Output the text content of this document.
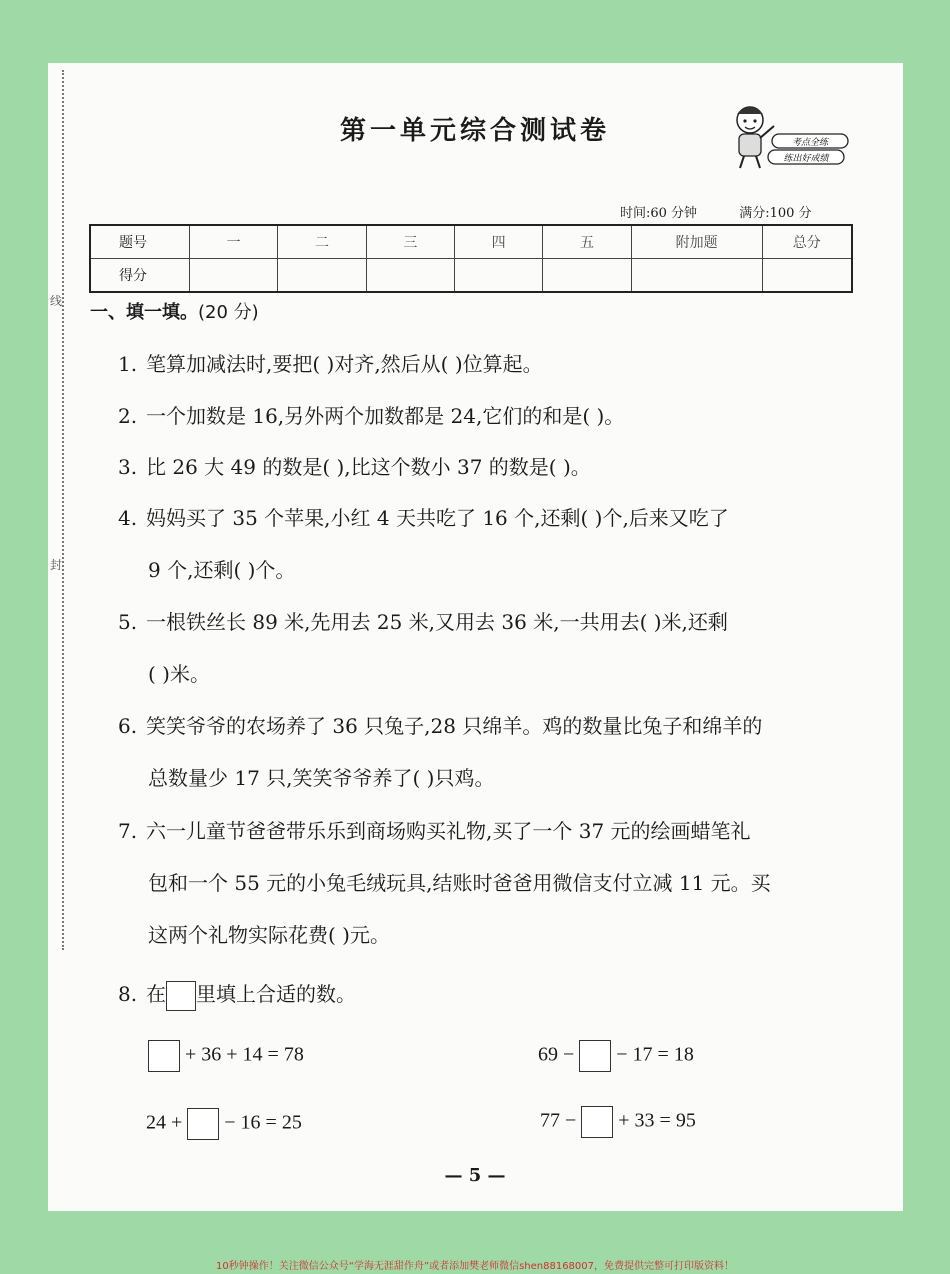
线
封
第一单元综合测试卷	考点全练
练出好成绩
时间:60 分钟	满分:100 分
题号	一	二	三	四	五	附加题	总分
得分							
一、填一填。(20 分)
1. 笔算加减法时,要把( )对齐,然后从( )位算起。
2. 一个加数是 16,另外两个加数都是 24,它们的和是( )。
3. 比 26 大 49 的数是( ),比这个数小 37 的数是( )。
4. 妈妈买了 35 个苹果,小红 4 天共吃了 16 个,还剩( )个,后来又吃了
9 个,还剩( )个。
5. 一根铁丝长 89 米,先用去 25 米,又用去 36 米,一共用去( )米,还剩
( )米。
6. 笑笑爷爷的农场养了 36 只兔子,28 只绵羊。鸡的数量比兔子和绵羊的
总数量少 17 只,笑笑爷爷养了( )只鸡。
7. 六一儿童节爸爸带乐乐到商场购买礼物,买了一个 37 元的绘画蜡笔礼
包和一个 55 元的小兔毛绒玩具,结账时爸爸用微信支付立减 11 元。买
这两个礼物实际花费( )元。
8. 在 里填上合适的数。
+ 36 + 14 = 78	69 − − 17 = 18
24 + − 16 = 25	77 − + 33 = 95
— 5 —
10秒钟操作！关注微信公众号“学海无涯甜作舟”或者添加樊老师微信shen88168007，免费提供完整可打印版资料！
